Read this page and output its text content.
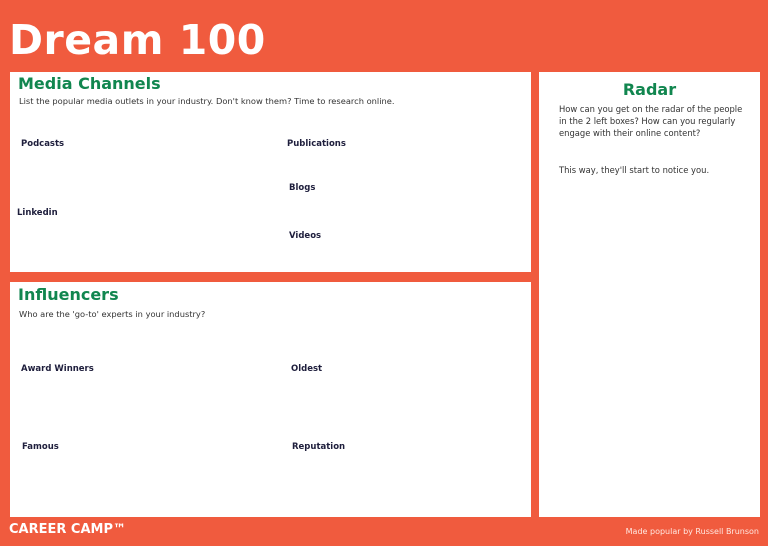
Dream 100
Media Channels

List the popular media outlets in your industry. Don't know them? Time to research online.

Podcasts	Publications
Blogs
Linkedin
Videos
Influencers

Who are the 'go-to' experts in your industry?

Award Winners	Oldest
Famous	Reputation
Radar

How can you get on the radar of the people in the 2 left boxes? How can you regularly engage with their online content?

This way, they'll start to notice you.

CAREER CAMP™	Made popular by Russell Brunson
